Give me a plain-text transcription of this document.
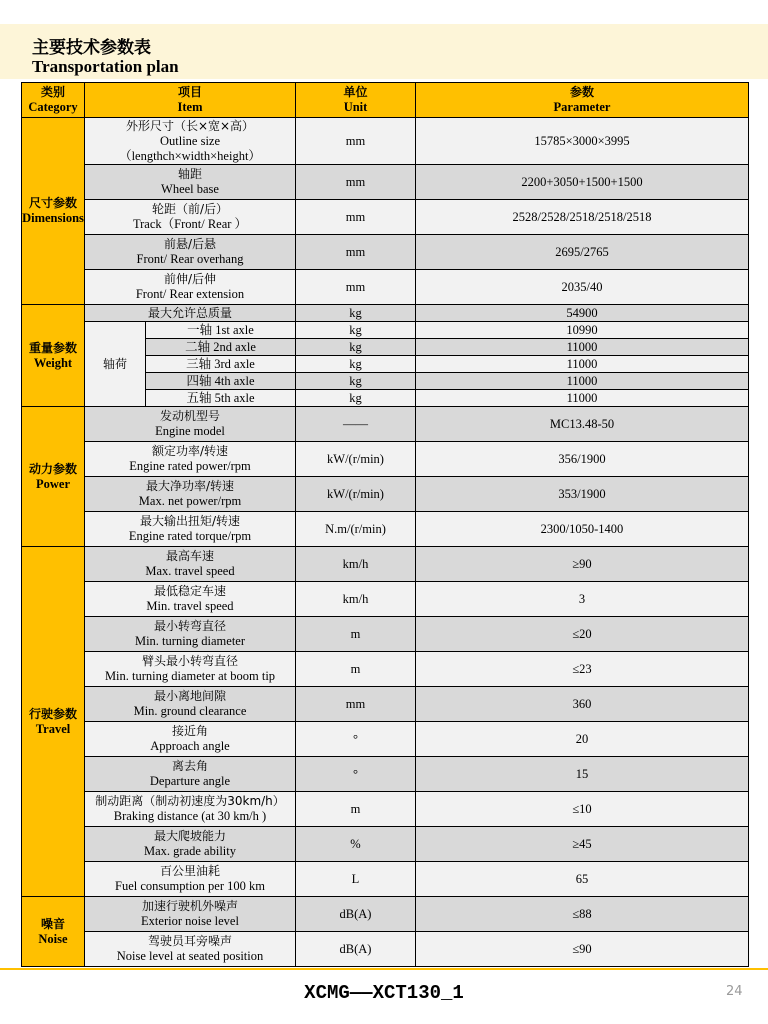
主要技术参数表
Transportation plan
类别
Category	项目
Item		单位
Unit	参数
Parameter

尺寸参数
Dimensions	外形尺寸（长×宽×高）
Outline size
（lengthch×width×height）		mm	15785×3000×3995

	轴距
Wheel base		mm	2200+3050+1500+1500

	轮距（前/后）
Track（Front/ Rear ）		mm	2528/2528/2518/2518/2518

	前悬/后悬
Front/ Rear overhang		mm	2695/2765

	前伸/后伸
Front/ Rear extension		mm	2035/40

重量参数
Weight	最大允许总质量		kg	54900

	轴荷	一轴 1st axle	kg	10990
		二轴 2nd axle	kg	11000
		三轴 3rd axle	kg	11000
		四轴 4th axle	kg	11000
		五轴 5th axle	kg	11000

动力参数
Power	发动机型号
Engine model		——	MC13.48-50

	额定功率/转速
Engine rated power/rpm		kW/(r/min)	356/1900

	最大净功率/转速
Max. net power/rpm		kW/(r/min)	353/1900

	最大输出扭矩/转速
Engine rated torque/rpm		N.m/(r/min)	2300/1050-1400

行驶参数
Travel	最高车速
Max. travel speed		km/h	≥90

	最低稳定车速
Min. travel speed		km/h	3

	最小转弯直径
Min. turning diameter		m	≤20

	臂头最小转弯直径
Min. turning diameter at boom tip		m	≤23

	最小离地间隙
Min. ground clearance		mm	360

	接近角
Approach angle		°	20

	离去角
Departure angle		°	15

	制动距离（制动初速度为30km/h）
Braking distance (at 30 km/h )		m	≤10

	最大爬坡能力
Max. grade ability		%	≥45

	百公里油耗
Fuel consumption per 100 km		L	65

噪音
Noise	加速行驶机外噪声
Exterior noise level		dB(A)	≤88

	驾驶员耳旁噪声
Noise level at seated position		dB(A)	≤90
XCMG——XCT130_1	24
